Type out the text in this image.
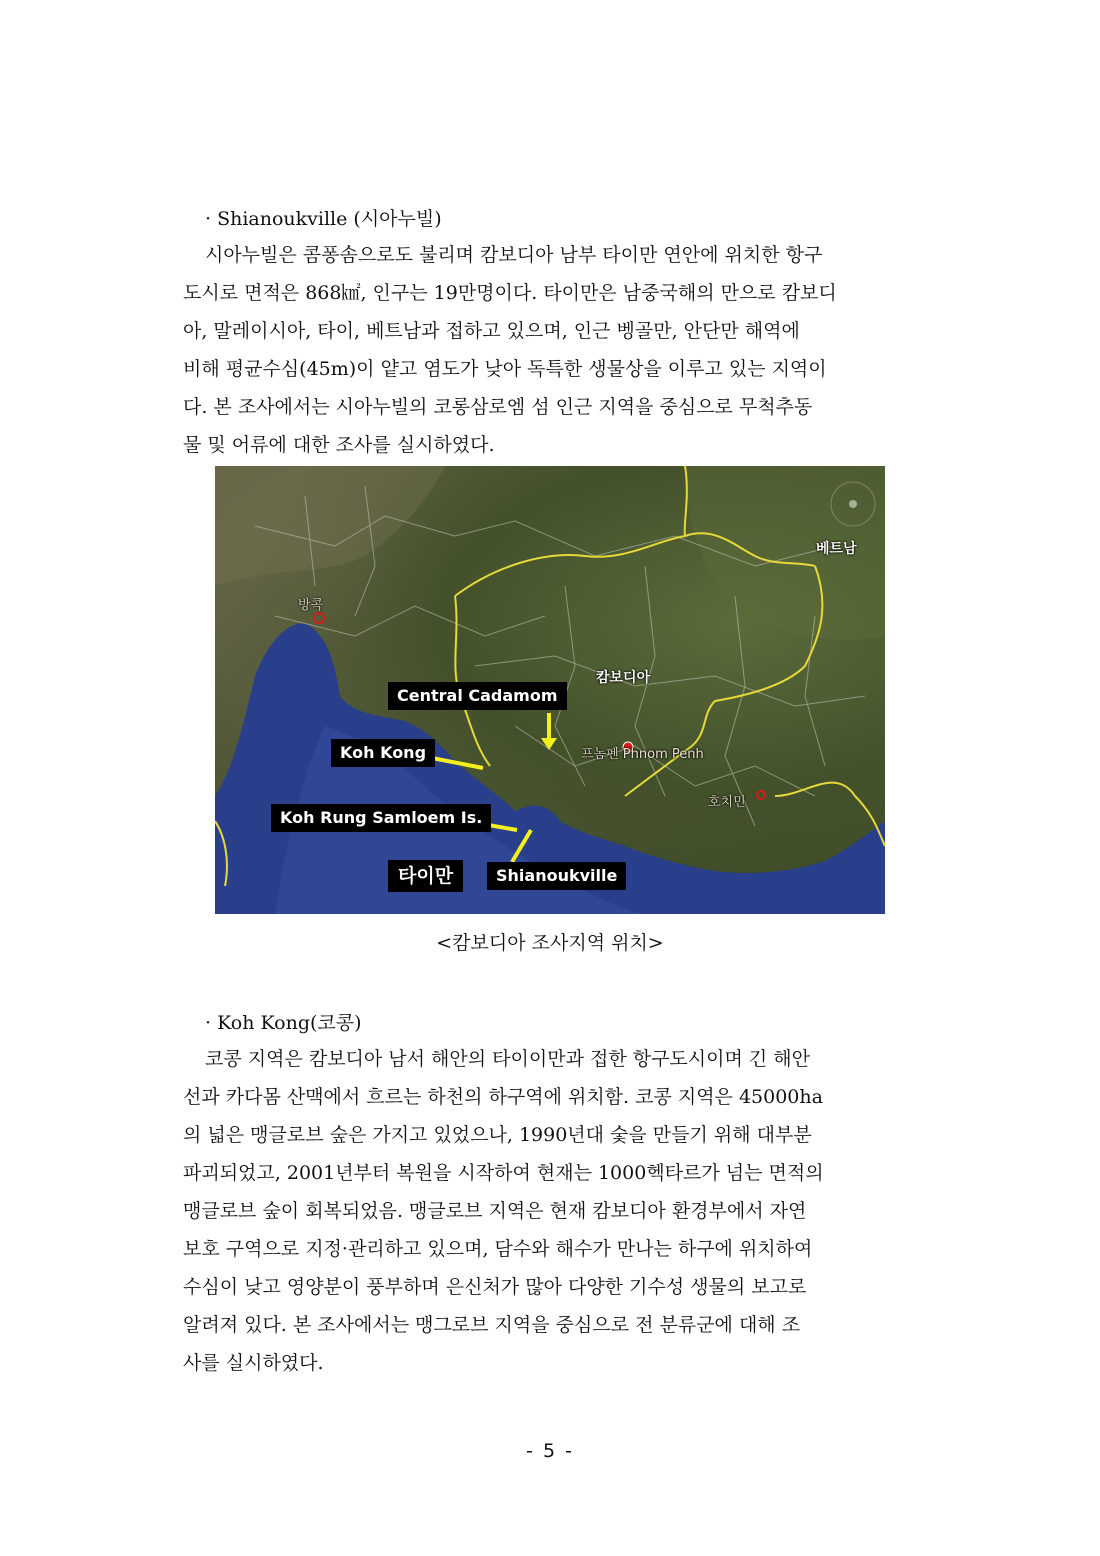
· Shianoukville (시아누빌)
시아누빌은 콤퐁솜으로도 불리며 캄보디아 남부 타이만 연안에 위치한 항구
도시로 면적은 868㎢, 인구는 19만명이다. 타이만은 남중국해의 만으로 캄보디
아, 말레이시아, 타이, 베트남과 접하고 있으며, 인근 벵골만, 안단만 해역에
비해 평균수심(45m)이 얕고 염도가 낮아 독특한 생물상을 이루고 있는 지역이
다. 본 조사에서는 시아누빌의 코롱삼로엠 섬 인근 지역을 중심으로 무척추동
물 및 어류에 대한 조사를 실시하였다.
방콕
캄보디아
베트남
프놈펜 Phnom Penh
호치민
Central Cadamom
Koh Kong
Koh Rung Samloem Is.
타이만	Shianoukville
<캄보디아 조사지역 위치>
· Koh Kong(코콩)
코콩 지역은 캄보디아 남서 해안의 타이이만과 접한 항구도시이며 긴 해안
선과 카다몸 산맥에서 흐르는 하천의 하구역에 위치함. 코콩 지역은 45000ha
의 넓은 맹글로브 숲은 가지고 있었으나, 1990년대 숯을 만들기 위해 대부분
파괴되었고, 2001년부터 복원을 시작하여 현재는 1000헥타르가 넘는 면적의
맹글로브 숲이 회복되었음. 맹글로브 지역은 현재 캄보디아 환경부에서 자연
보호 구역으로 지정·관리하고 있으며, 담수와 해수가 만나는 하구에 위치하여
수심이 낮고 영양분이 풍부하며 은신처가 많아 다양한 기수성 생물의 보고로
알려져 있다. 본 조사에서는 맹그로브 지역을 중심으로 전 분류군에 대해 조
사를 실시하였다.
- 5 -
